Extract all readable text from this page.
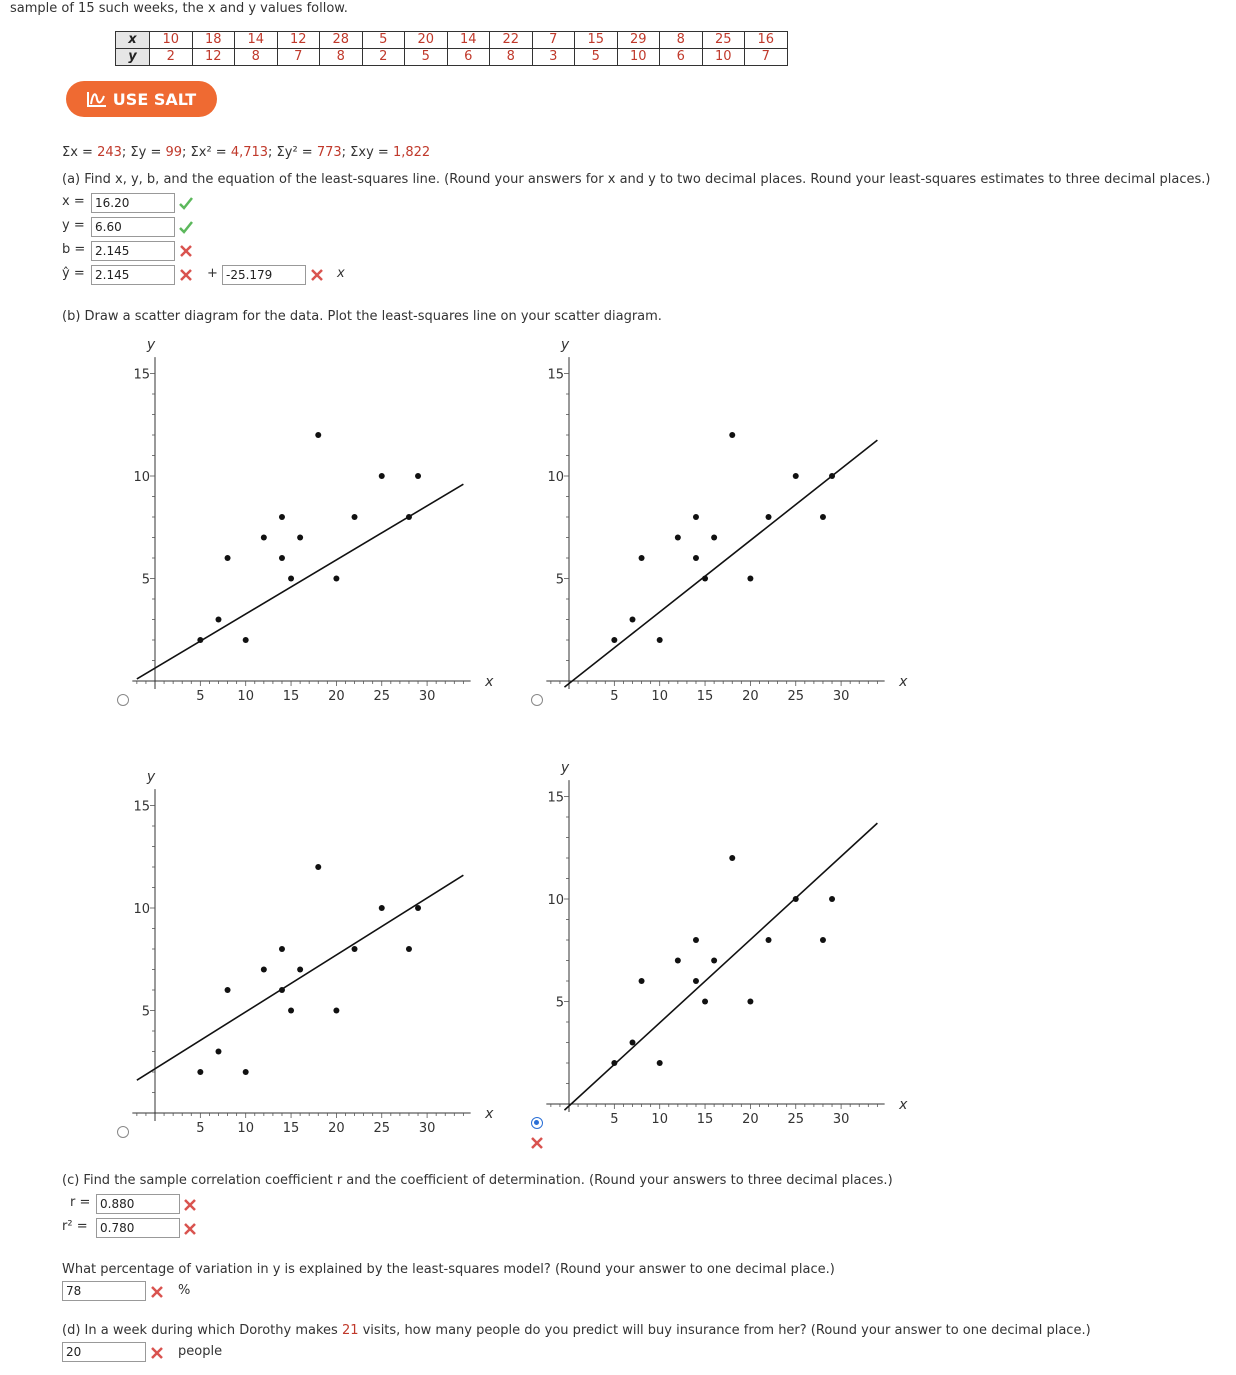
sample of 15 such weeks, the x and y values follow.
x	10	18	14	12	28	5	20	14	22	7	15	29	8	25	16
y	2	12	8	7	8	2	5	6	8	3	5	10	6	10	7
USE SALT
Σx = 243; Σy = 99; Σx² = 4,713; Σy² = 773; Σxy = 1,822
(a) Find x, y, b, and the equation of the least-squares line. (Round your answers for x and y to two decimal places. Round your least-squares estimates to three decimal places.)
x = 16.20
y = 6.60
b = 2.145
ŷ = 2.145	+ -25.179	x
(b) Draw a scatter diagram for the data. Plot the least-squares line on your scatter diagram.
5	10 15 20 25 30
5
10
15
x
y
5	10 15 20 25 30
5
10
15
x
y
5	10 15 20 25 30
5
10
15
x
y
5	10 15 20 25 30
5
10
15
x
y
(c) Find the sample correlation coefficient r and the coefficient of determination. (Round your answers to three decimal places.)
r = 0.880
r² =	0.780
What percentage of variation in y is explained by the least-squares model? (Round your answer to one decimal place.)
78	%
(d) In a week during which Dorothy makes 21 visits, how many people do you predict will buy insurance from her? (Round your answer to one decimal place.)
20	people
